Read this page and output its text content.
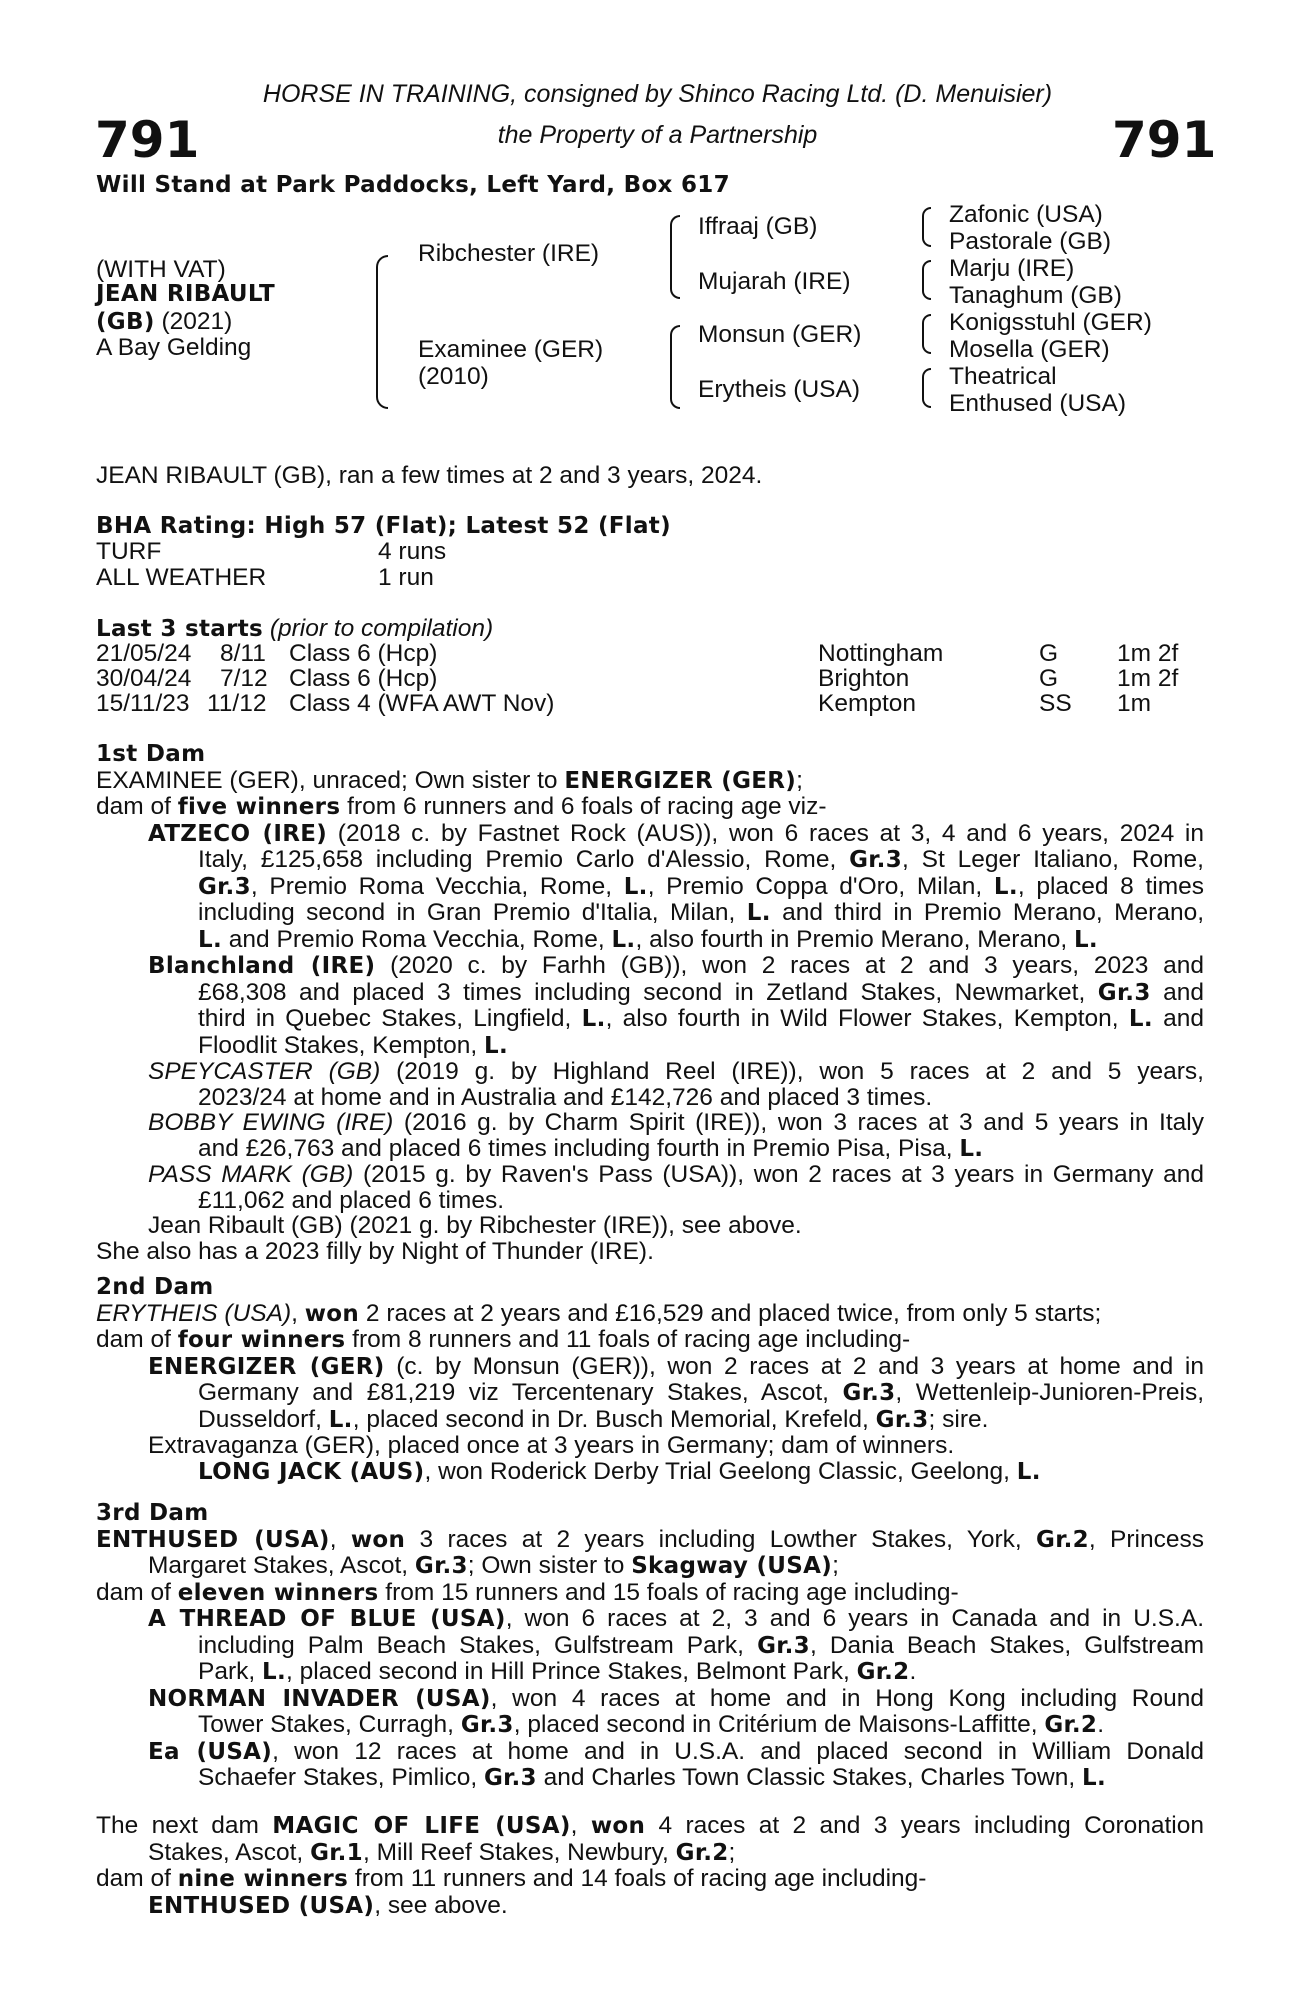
HORSE IN TRAINING, consigned by Shinco Racing Ltd. (D. Menuisier)
the Property of a Partnership
791	791
Will Stand at Park Paddocks, Left Yard, Box 617
(WITH VAT)
JEAN RIBAULT
(GB) (2021)
A Bay Gelding
Ribchester (IRE)
Examinee (GER)
(2010)
Iffraaj (GB)
Mujarah (IRE)
Monsun (GER)
Erytheis (USA)
Zafonic (USA)
Pastorale (GB)
Marju (IRE)
Tanaghum (GB)
Konigsstuhl (GER)
Mosella (GER)
Theatrical
Enthused (USA)
JEAN RIBAULT (GB), ran a few times at 2 and 3 years, 2024.
BHA Rating: High 57 (Flat); Latest 52 (Flat)
TURF	4 runs
ALL WEATHER	1 run
Last 3 starts (prior to compilation)
21/05/24 8/11 Class 6 (Hcp)	Nottingham	G 1m 2f
30/04/24 7/12 Class 6 (Hcp)	Brighton	G 1m 2f
15/11/23 11/12 Class 4 (WFA AWT Nov)	Kempton	SS 1m
1st Dam
EXAMINEE (GER), unraced; Own sister to ENERGIZER (GER);
dam of five winners from 6 runners and 6 foals of racing age viz-
ATZECO (IRE) (2018 c. by Fastnet Rock (AUS)), won 6 races at 3, 4 and 6 years, 2024 in
Italy, £125,658 including Premio Carlo d'Alessio, Rome, Gr.3, St Leger Italiano, Rome,
Gr.3, Premio Roma Vecchia, Rome, L., Premio Coppa d'Oro, Milan, L., placed 8 times
including second in Gran Premio d'Italia, Milan, L. and third in Premio Merano, Merano,
L. and Premio Roma Vecchia, Rome, L., also fourth in Premio Merano, Merano, L.
Blanchland (IRE) (2020 c. by Farhh (GB)), won 2 races at 2 and 3 years, 2023 and
£68,308 and placed 3 times including second in Zetland Stakes, Newmarket, Gr.3 and
third in Quebec Stakes, Lingfield, L., also fourth in Wild Flower Stakes, Kempton, L. and
Floodlit Stakes, Kempton, L.
SPEYCASTER (GB) (2019 g. by Highland Reel (IRE)), won 5 races at 2 and 5 years,
2023/24 at home and in Australia and £142,726 and placed 3 times.
BOBBY EWING (IRE) (2016 g. by Charm Spirit (IRE)), won 3 races at 3 and 5 years in Italy
and £26,763 and placed 6 times including fourth in Premio Pisa, Pisa, L.
PASS MARK (GB) (2015 g. by Raven's Pass (USA)), won 2 races at 3 years in Germany and
£11,062 and placed 6 times.
Jean Ribault (GB) (2021 g. by Ribchester (IRE)), see above.
She also has a 2023 filly by Night of Thunder (IRE).
2nd Dam
ERYTHEIS (USA), won 2 races at 2 years and £16,529 and placed twice, from only 5 starts;
dam of four winners from 8 runners and 11 foals of racing age including-
ENERGIZER (GER) (c. by Monsun (GER)), won 2 races at 2 and 3 years at home and in
Germany and £81,219 viz Tercentenary Stakes, Ascot, Gr.3, Wettenleip-Junioren-Preis,
Dusseldorf, L., placed second in Dr. Busch Memorial, Krefeld, Gr.3; sire.
Extravaganza (GER), placed once at 3 years in Germany; dam of winners.
LONG JACK (AUS), won Roderick Derby Trial Geelong Classic, Geelong, L.
3rd Dam
ENTHUSED (USA), won 3 races at 2 years including Lowther Stakes, York, Gr.2, Princess
Margaret Stakes, Ascot, Gr.3; Own sister to Skagway (USA);
dam of eleven winners from 15 runners and 15 foals of racing age including-
A THREAD OF BLUE (USA), won 6 races at 2, 3 and 6 years in Canada and in U.S.A.
including Palm Beach Stakes, Gulfstream Park, Gr.3, Dania Beach Stakes, Gulfstream
Park, L., placed second in Hill Prince Stakes, Belmont Park, Gr.2.
NORMAN INVADER (USA), won 4 races at home and in Hong Kong including Round
Tower Stakes, Curragh, Gr.3, placed second in Critérium de Maisons-Laffitte, Gr.2.
Ea (USA), won 12 races at home and in U.S.A. and placed second in William Donald
Schaefer Stakes, Pimlico, Gr.3 and Charles Town Classic Stakes, Charles Town, L.
The next dam MAGIC OF LIFE (USA), won 4 races at 2 and 3 years including Coronation
Stakes, Ascot, Gr.1, Mill Reef Stakes, Newbury, Gr.2;
dam of nine winners from 11 runners and 14 foals of racing age including-
ENTHUSED (USA), see above.
